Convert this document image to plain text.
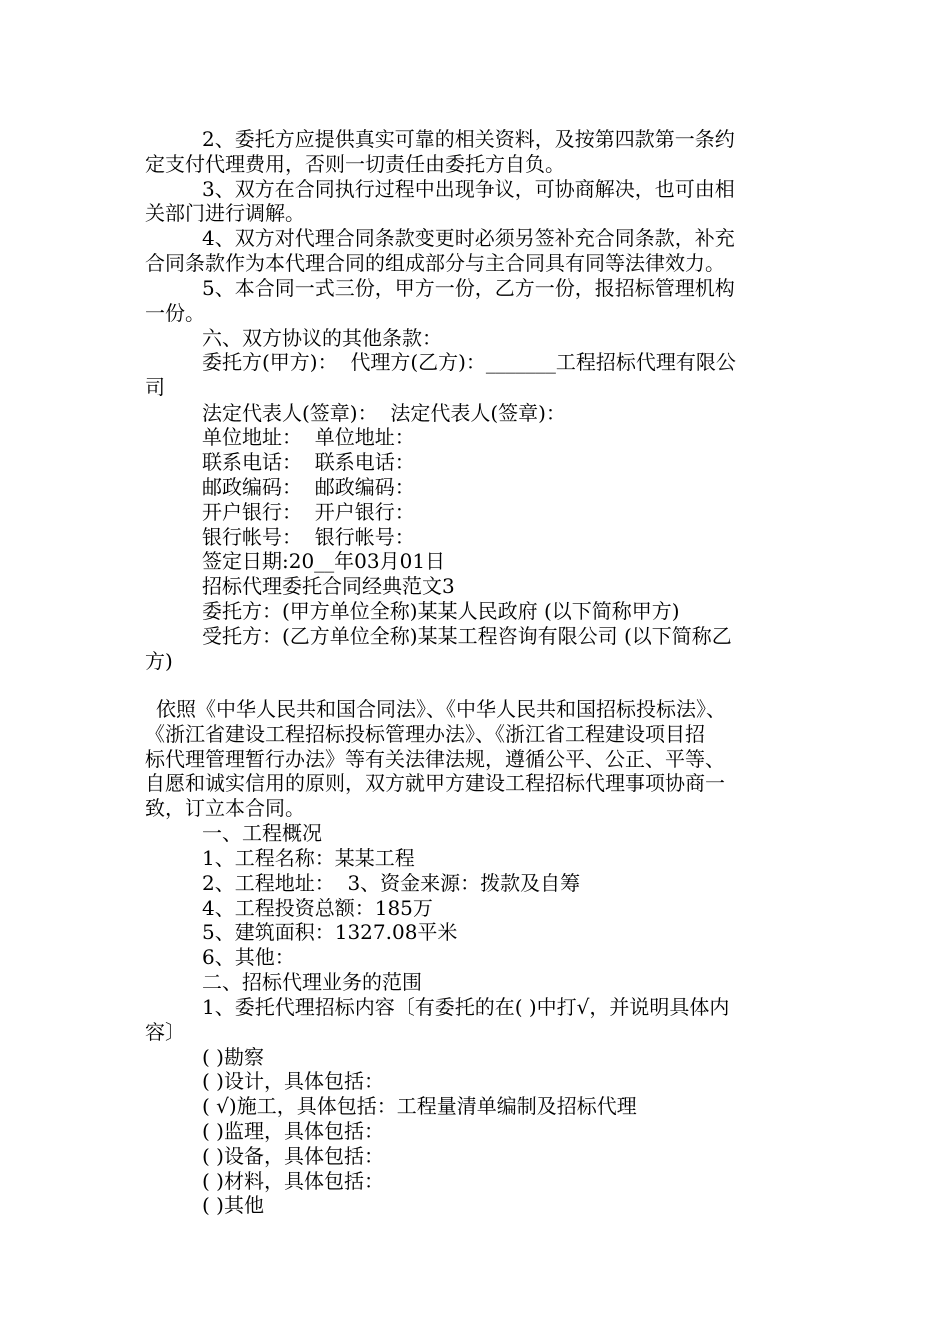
2、委托方应提供真实可靠的相关资料，及按第四款第一条约
定支付代理费用，否则一切责任由委托方自负。
3、双方在合同执行过程中出现争议，可协商解决，也可由相
关部门进行调解。
4、双方对代理合同条款变更时必须另签补充合同条款，补充
合同条款作为本代理合同的组成部分与主合同具有同等法律效力。
5、本合同一式三份，甲方一份，乙方一份，报招标管理机构
一份。
六、双方协议的其他条款：
委托方(甲方)：  代理方(乙方)：_______工程招标代理有限公
司
法定代表人(签章)：  法定代表人(签章)：
单位地址：  单位地址：
联系电话：  联系电话：
邮政编码：  邮政编码：
开户银行：  开户银行：
银行帐号：  银行帐号：
签定日期:20__年03月01日
招标代理委托合同经典范文3
委托方：(甲方单位全称)某某人民政府 (以下简称甲方)
受托方：(乙方单位全称)某某工程咨询有限公司 (以下简称乙
方)
依照《中华人民共和国合同法》、《中华人民共和国招标投标法》、
《浙江省建设工程招标投标管理办法》、《浙江省工程建设项目招
标代理管理暂行办法》等有关法律法规，遵循公平、公正、平等、
自愿和诚实信用的原则，双方就甲方建设工程招标代理事项协商一
致，订立本合同。
一、工程概况
1、工程名称：某某工程
2、工程地址：  3、资金来源：拨款及自筹
4、工程投资总额：185万
5、建筑面积：1327.08平米
6、其他：
二、招标代理业务的范围
1、委托代理招标内容〔有委托的在( )中打√，并说明具体内
容〕
( )勘察
( )设计，具体包括：
( √)施工，具体包括：工程量清单编制及招标代理
( )监理，具体包括：
( )设备，具体包括：
( )材料，具体包括：
( )其他
